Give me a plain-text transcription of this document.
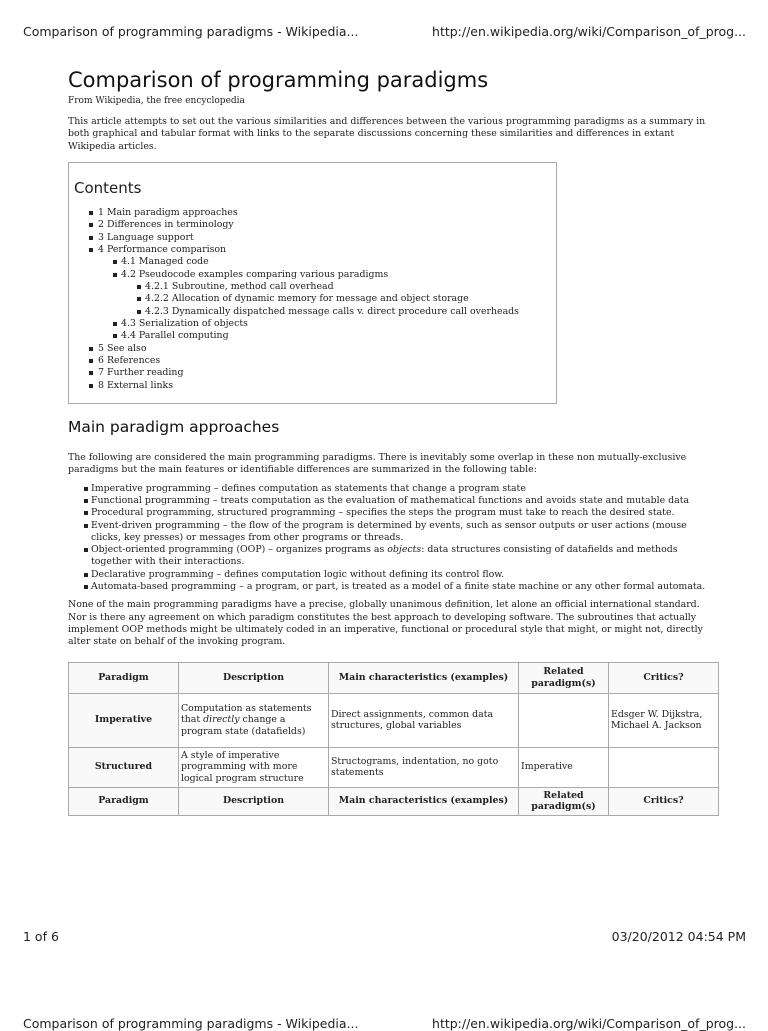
Comparison of programming paradigms - Wikipedia...	http://en.wikipedia.org/wiki/Comparison_of_prog...
Comparison of programming paradigms
From Wikipedia, the free encyclopedia

This article attempts to set out the various similarities and differences between the various programming paradigms as a summary in both graphical and tabular format with links to the separate discussions concerning these similarities and differences in extant Wikipedia articles.

Contents
1 Main paradigm approaches
2 Differences in terminology
3 Language support
4 Performance comparison
4.1 Managed code
4.2 Pseudocode examples comparing various paradigms
4.2.1 Subroutine, method call overhead
4.2.2 Allocation of dynamic memory for message and object storage
4.2.3 Dynamically dispatched message calls v. direct procedure call overheads
4.3 Serialization of objects
4.4 Parallel computing
5 See also
6 References
7 Further reading
8 External links
Main paradigm approaches

The following are considered the main programming paradigms. There is inevitably some overlap in these non mutually-exclusive paradigms but the main features or identifiable differences are summarized in the following table:

Imperative programming – defines computation as statements that change a program state
Functional programming – treats computation as the evaluation of mathematical functions and avoids state and mutable data
Procedural programming, structured programming – specifies the steps the program must take to reach the desired state.
Event-driven programming – the flow of the program is determined by events, such as sensor outputs or user actions (mouse clicks, key presses) or messages from other programs or threads.
Object-oriented programming (OOP) – organizes programs as objects: data structures consisting of datafields and methods together with their interactions.
Declarative programming – defines computation logic without defining its control flow.
Automata-based programming – a program, or part, is treated as a model of a finite state machine or any other formal automata.

None of the main programming paradigms have a precise, globally unanimous definition, let alone an official international standard. Nor is there any agreement on which paradigm constitutes the best approach to developing software. The subroutines that actually implement OOP methods might be ultimately coded in an imperative, functional or procedural style that might, or might not, directly alter state on behalf of the invoking program.

Paradigm	Description	Main characteristics (examples)	Related paradigm(s)	Critics?
Imperative	Computation as statements that directly change a program state (datafields)	Direct assignments, common data structures, global variables		Edsger W. Dijkstra, Michael A. Jackson
Structured	A style of imperative programming with more logical program structure	Structograms, indentation, no goto statements	Imperative	
Paradigm	Description	Main characteristics (examples)	Related paradigm(s)	Critics?
1 of 6	03/20/2012 04:54 PM
Comparison of programming paradigms - Wikipedia...	http://en.wikipedia.org/wiki/Comparison_of_prog...
